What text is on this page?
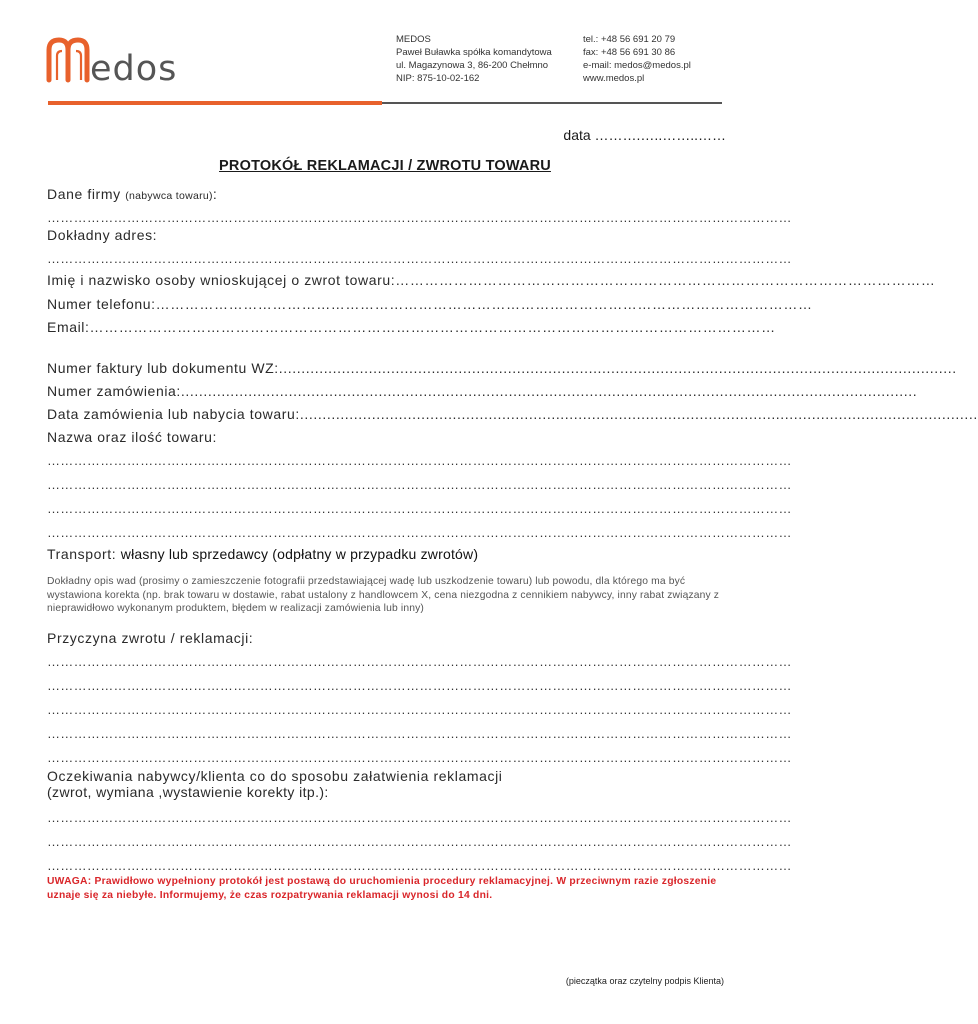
edos
MEDOS
Paweł Buławka spółka komandytowa
ul. Magazynowa 3, 86-200 Chełmno
NIP: 875-10-02-162
tel.: +48 56 691 20 79
fax: +48 56 691 30 86
e-mail: medos@medos.pl
www.medos.pl
data ……….…..……..……
PROTOKÓŁ REKLAMACJI / ZWROTU TOWARU
Dane firmy (nabywca towaru):
……………………………………………………………………………………………………………………………………………………
Dokładny adres:
……………………………………………………………………………………………………………………………………………………
Imię i nazwisko osoby wnioskującej o zwrot towaru: …………………………………………………………………………………………………
Numer telefonu: ………………………………………………………………………………………………………………………
Email: ……………………………………………………………………………………………………………………………
Numer faktury lub dokumentu WZ: .......................................................................................................................................................
Numer zamówienia: ....................................................................................................................................................................
Data zamówienia lub nabycia towaru: .......................................................................................................................................................
Nazwa oraz ilość towaru:
……………………………………………………………………………………………………………………………………………………
……………………………………………………………………………………………………………………………………………………
……………………………………………………………………………………………………………………………………………………
……………………………………………………………………………………………………………………………………………………
Transport: własny lub sprzedawcy (odpłatny w przypadku zwrotów)
Dokładny opis wad (prosimy o zamieszczenie fotografii przedstawiającej wadę lub uszkodzenie towaru) lub powodu, dla którego ma być wystawiona korekta (np. brak towaru w dostawie, rabat ustalony z handlowcem X, cena niezgodna z cennikiem nabywcy, inny rabat związany z nieprawidłowo wykonanym produktem, błędem w realizacji zamówienia lub inny)
Przyczyna zwrotu / reklamacji:
……………………………………………………………………………………………………………………………………………………
……………………………………………………………………………………………………………………………………………………
……………………………………………………………………………………………………………………………………………………
……………………………………………………………………………………………………………………………………………………
……………………………………………………………………………………………………………………………………………………
Oczekiwania nabywcy/klienta co do sposobu załatwienia reklamacji
(zwrot, wymiana ,wystawienie korekty itp.):
……………………………………………………………………………………………………………………………………………………
……………………………………………………………………………………………………………………………………………………
……………………………………………………………………………………………………………………………………………………
UWAGA: Prawidłowo wypełniony protokół jest postawą do uruchomienia procedury reklamacyjnej. W przeciwnym razie zgłoszenie uznaje się za niebyłe. Informujemy, że czas rozpatrywania reklamacji wynosi do 14 dni.
(pieczątka oraz czytelny podpis Klienta)
